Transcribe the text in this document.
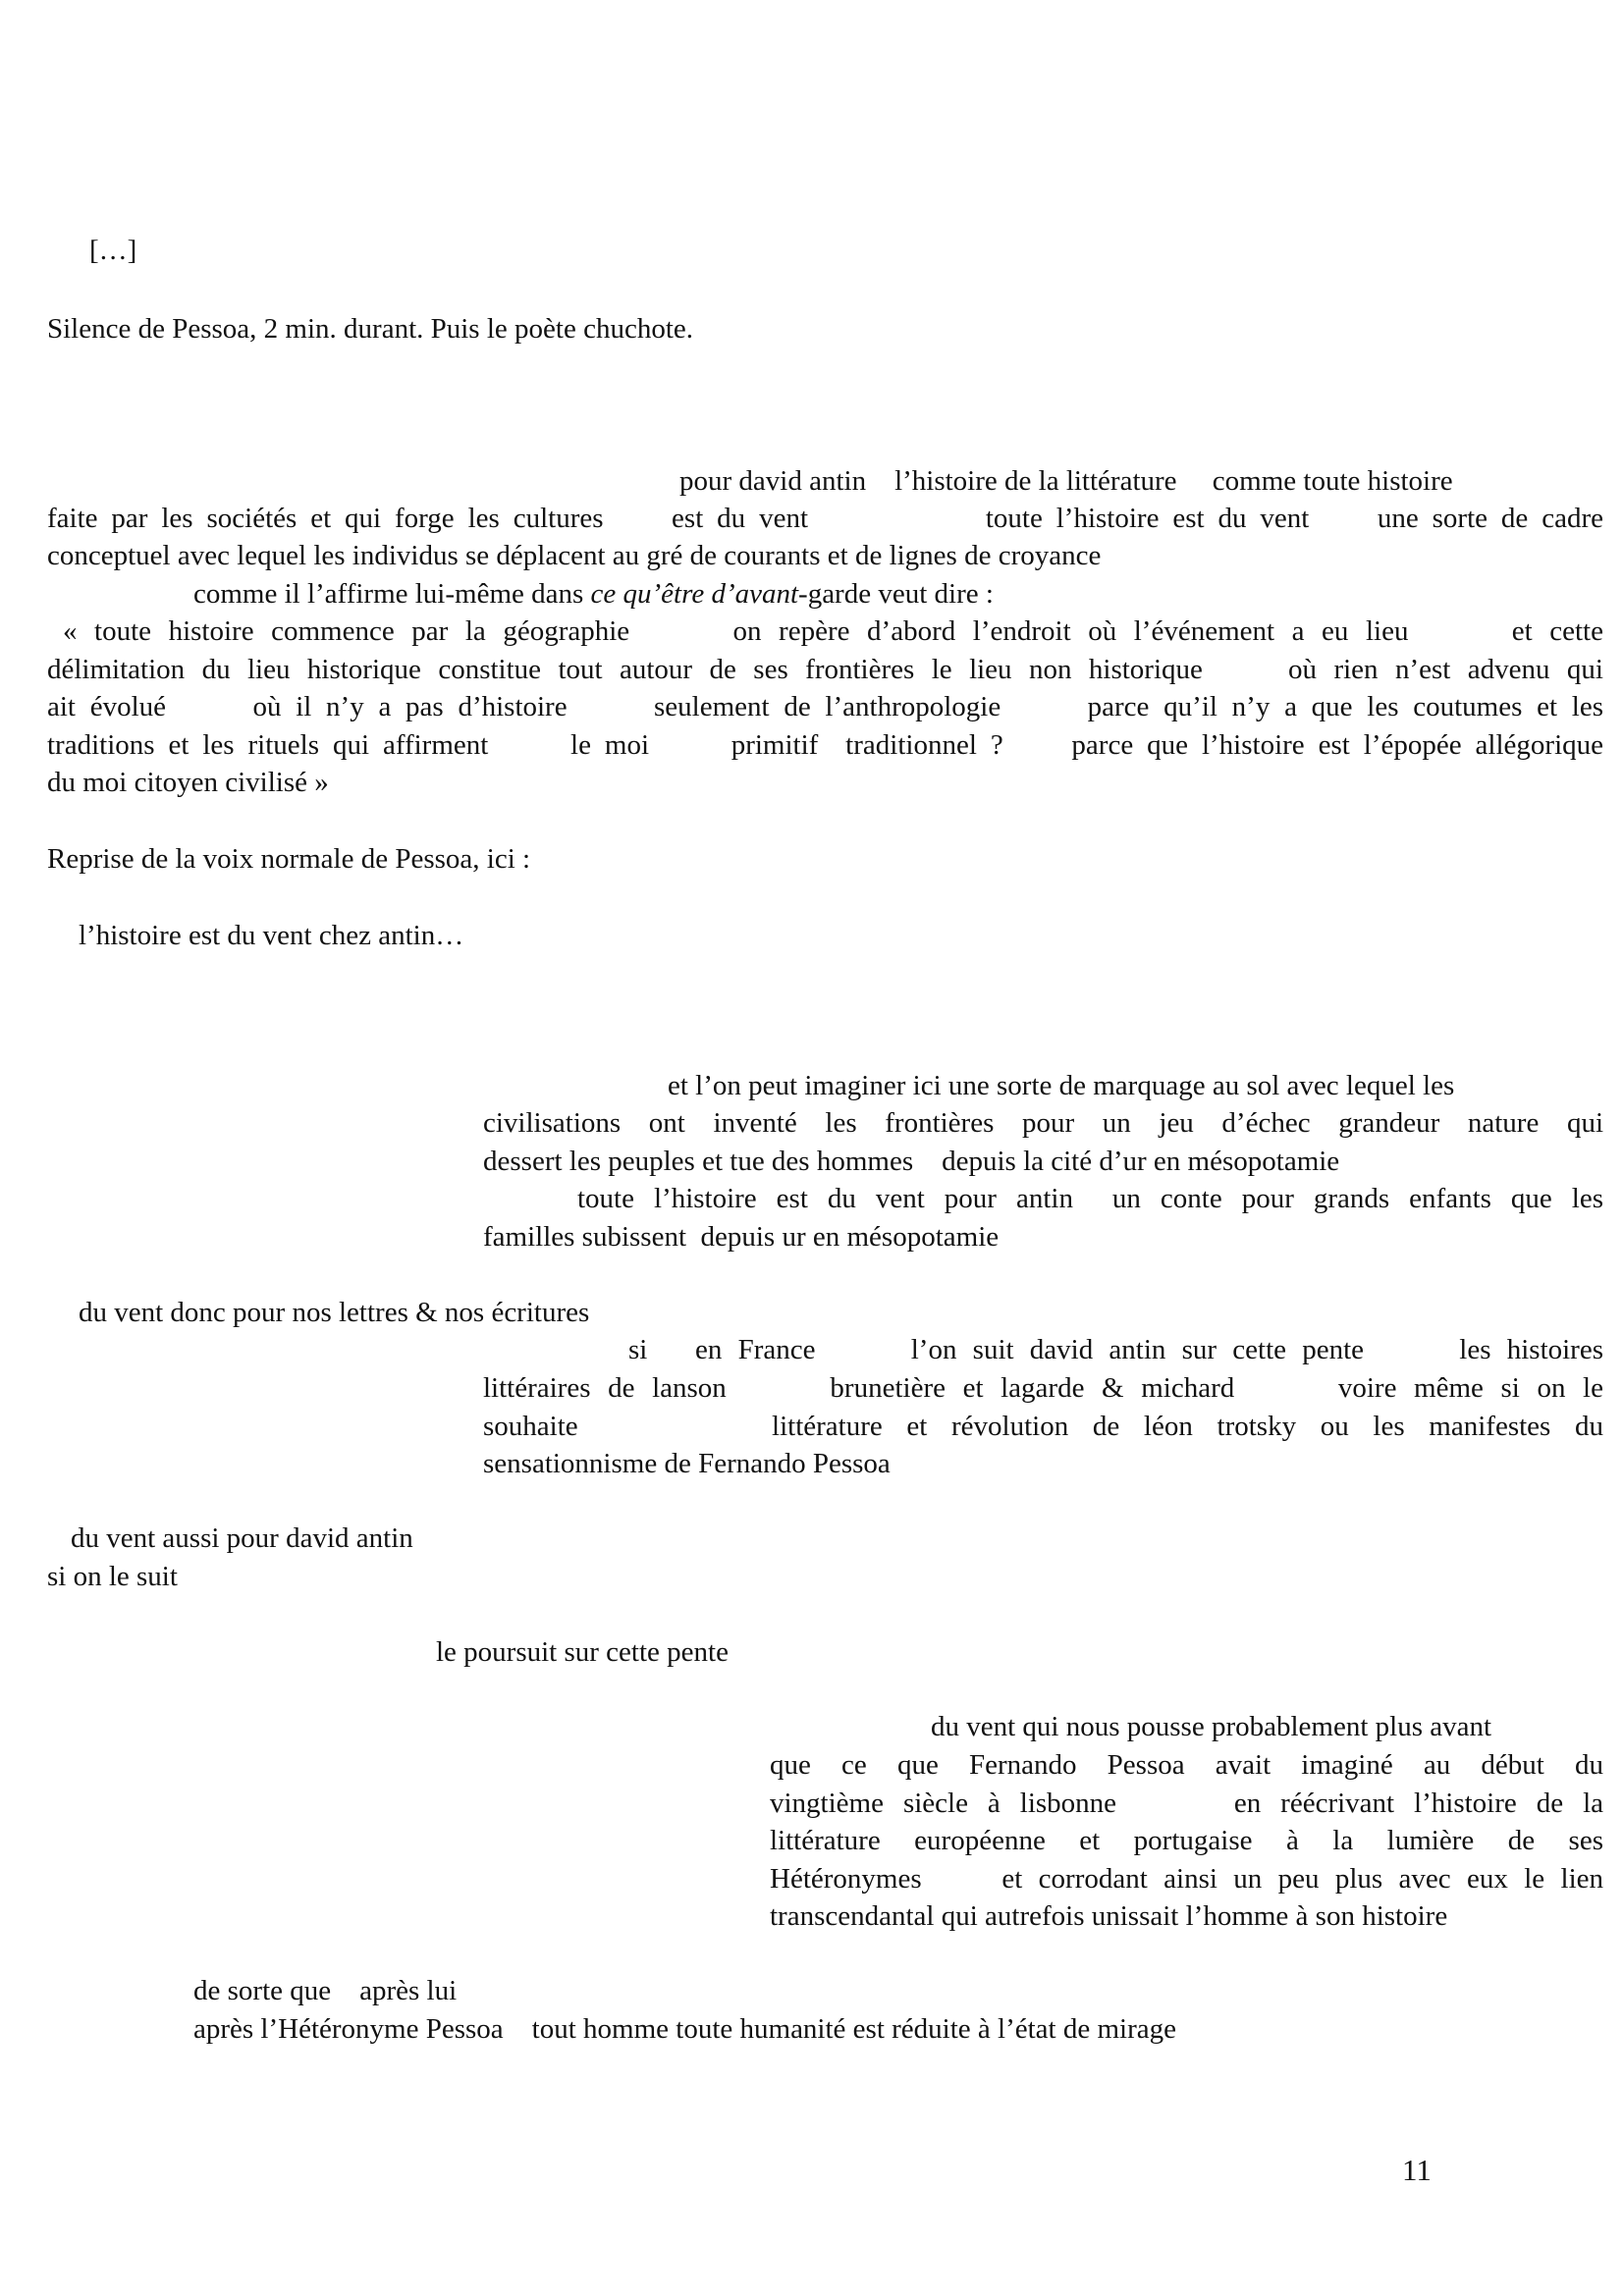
[…]

Silence de Pessoa, 2 min. durant. Puis le poète chuchote.

pour david antin    l’histoire de la littérature     comme toute histoire

faite par les sociétés et qui forge les cultures     est du vent             toute l’histoire est du vent     une sorte de cadre

conceptuel avec lequel les individus se déplacent au gré de courants et de lignes de croyance

comme il l’affirme lui-même dans ce qu’être d’avant-garde veut dire :

« toute histoire commence par la géographie      on repère d’abord l’endroit où l’événement a eu lieu      et cette
délimitation du lieu historique constitue tout autour de ses frontières le lieu non historique     où rien n’est advenu qui
ait évolué      où il n’y a pas d’histoire      seulement de l’anthropologie      parce qu’il n’y a que les coutumes et les
traditions et les rituels qui affirment      le moi      primitif  traditionnel ?     parce que l’histoire est l’épopée allégorique
du moi citoyen civilisé »

Reprise de la voix normale de Pessoa, ici :

l’histoire est du vent chez antin…

et l’on peut imaginer ici une sorte de marquage au sol avec lequel les

civilisations ont inventé les frontières pour un jeu d’échec grandeur nature qui

dessert les peuples et tue des hommes    depuis la cité d’ur en mésopotamie

toute l’histoire est du vent pour antin  un conte pour grands enfants que les

familles subissent  depuis ur en mésopotamie

du vent donc pour nos lettres & nos écritures

si   en France      l’on suit david antin sur cette pente      les histoires
littéraires de lanson      brunetière et lagarde & michard      voire même si on le
souhaite        littérature et révolution de léon trotsky ou les manifestes du
sensationnisme de Fernando Pessoa

du vent aussi pour david antin

si on le suit

le poursuit sur cette pente

du vent qui nous pousse probablement plus avant

que ce que Fernando Pessoa avait imaginé au début du
vingtième siècle à lisbonne      en réécrivant l’histoire de la
littérature européenne et portugaise à la lumière de ses
Hétéronymes     et corrodant ainsi un peu plus avec eux le lien
transcendantal qui autrefois unissait l’homme à son histoire

de sorte que    après lui

après l’Hétéronyme Pessoa    tout homme toute humanité est réduite à l’état de mirage

11
